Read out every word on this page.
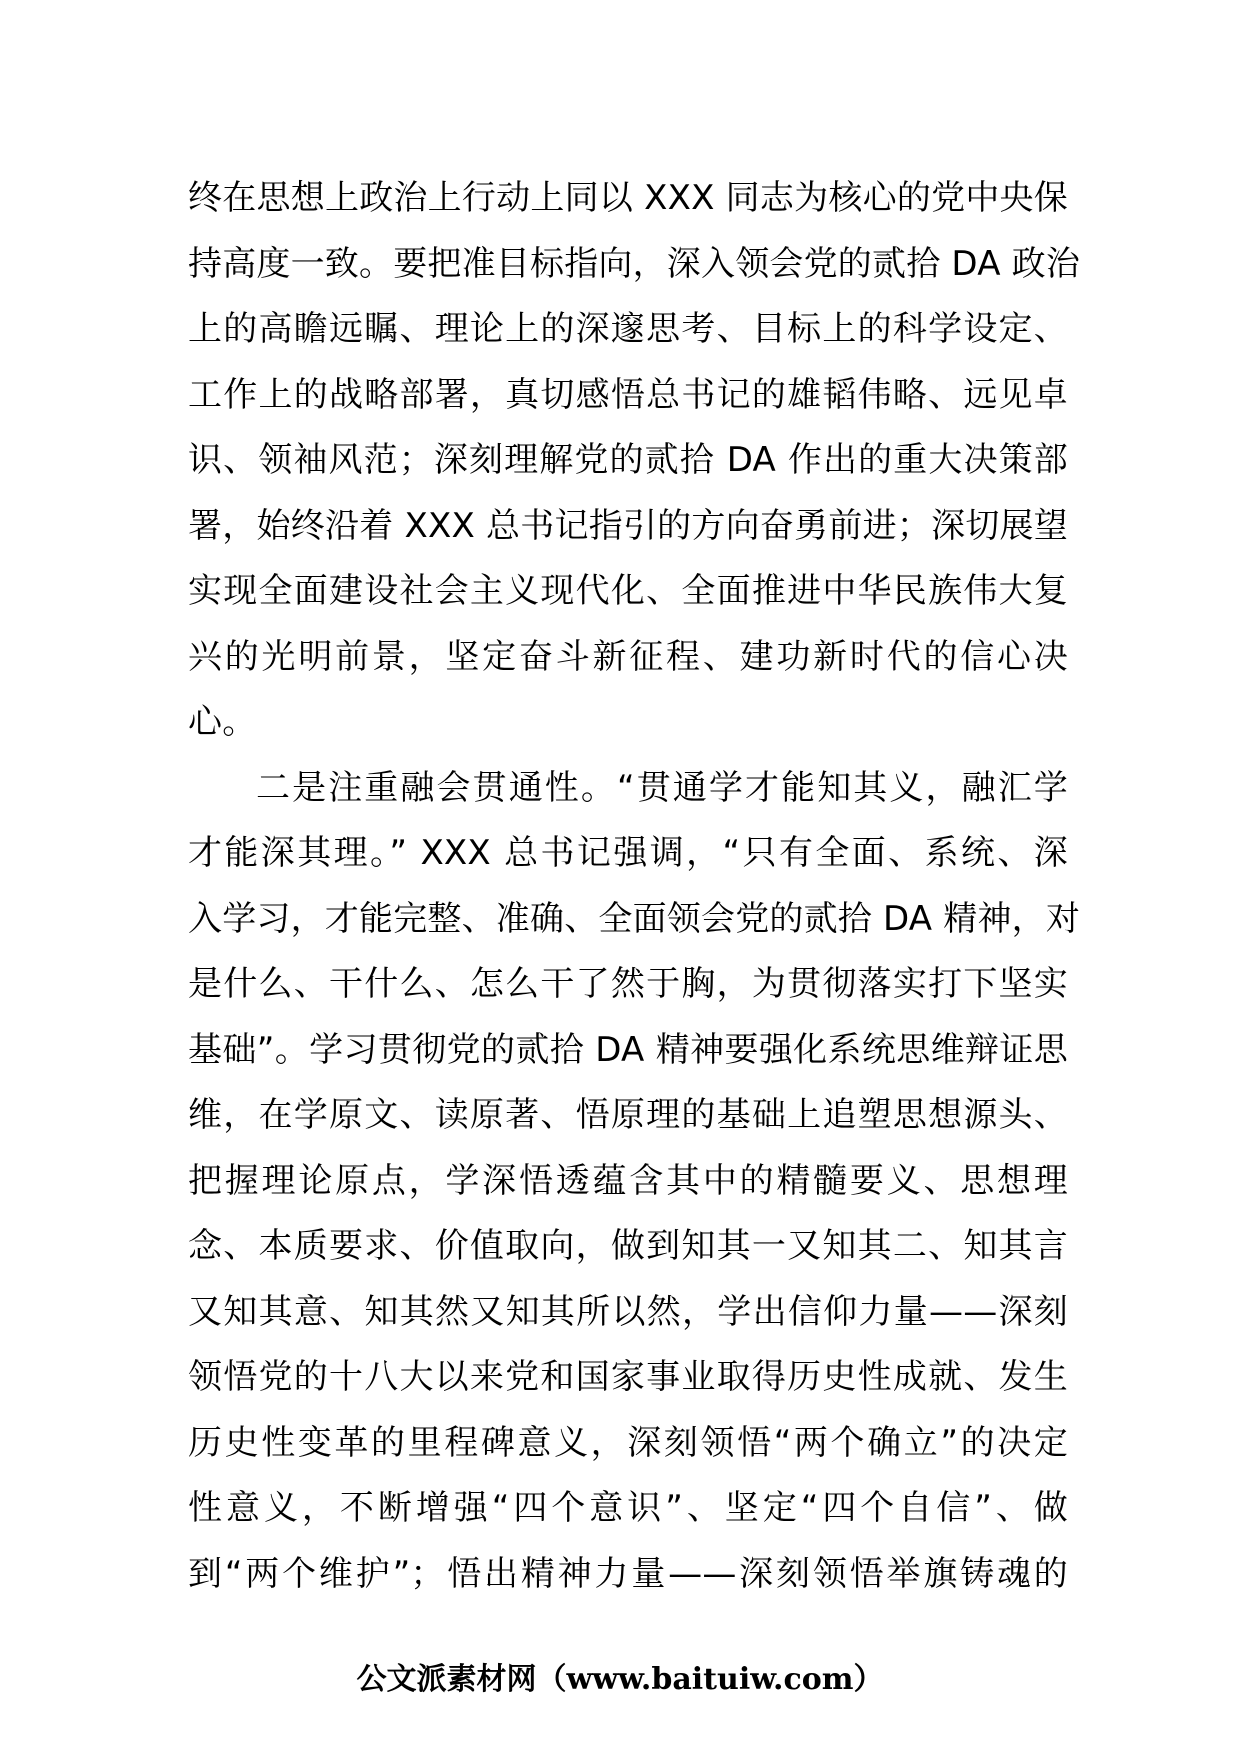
终在思想上政治上行动上同以 XXX 同志为核心的党中央保
持高度一致。要把准目标指向，深入领会党的贰拾 DA 政治
上的高瞻远瞩、理论上的深邃思考、目标上的科学设定、
工作上的战略部署，真切感悟总书记的雄韬伟略、远见卓
识、领袖风范；深刻理解党的贰拾 DA 作出的重大决策部
署，始终沿着 XXX 总书记指引的方向奋勇前进；深切展望
实现全面建设社会主义现代化、全面推进中华民族伟大复
兴的光明前景，坚定奋斗新征程、建功新时代的信心决
心。
二是注重融会贯通性。“贯通学才能知其义，融汇学
才能深其理。” XXX 总书记强调，“只有全面、系统、深
入学习，才能完整、准确、全面领会党的贰拾 DA 精神，对
是什么、干什么、怎么干了然于胸，为贯彻落实打下坚实
基础”。学习贯彻党的贰拾 DA 精神要强化系统思维辩证思
维，在学原文、读原著、悟原理的基础上追塑思想源头、
把握理论原点，学深悟透蕴含其中的精髓要义、思想理
念、本质要求、价值取向，做到知其一又知其二、知其言
又知其意、知其然又知其所以然，学出信仰力量——深刻
领悟党的十八大以来党和国家事业取得历史性成就、发生
历史性变革的里程碑意义，深刻领悟“两个确立”的决定
性意义，不断增强“四个意识”、坚定“四个自信”、做
到“两个维护”；悟出精神力量——深刻领悟举旗铸魂的
公文派素材网（www.baituiw.com）
